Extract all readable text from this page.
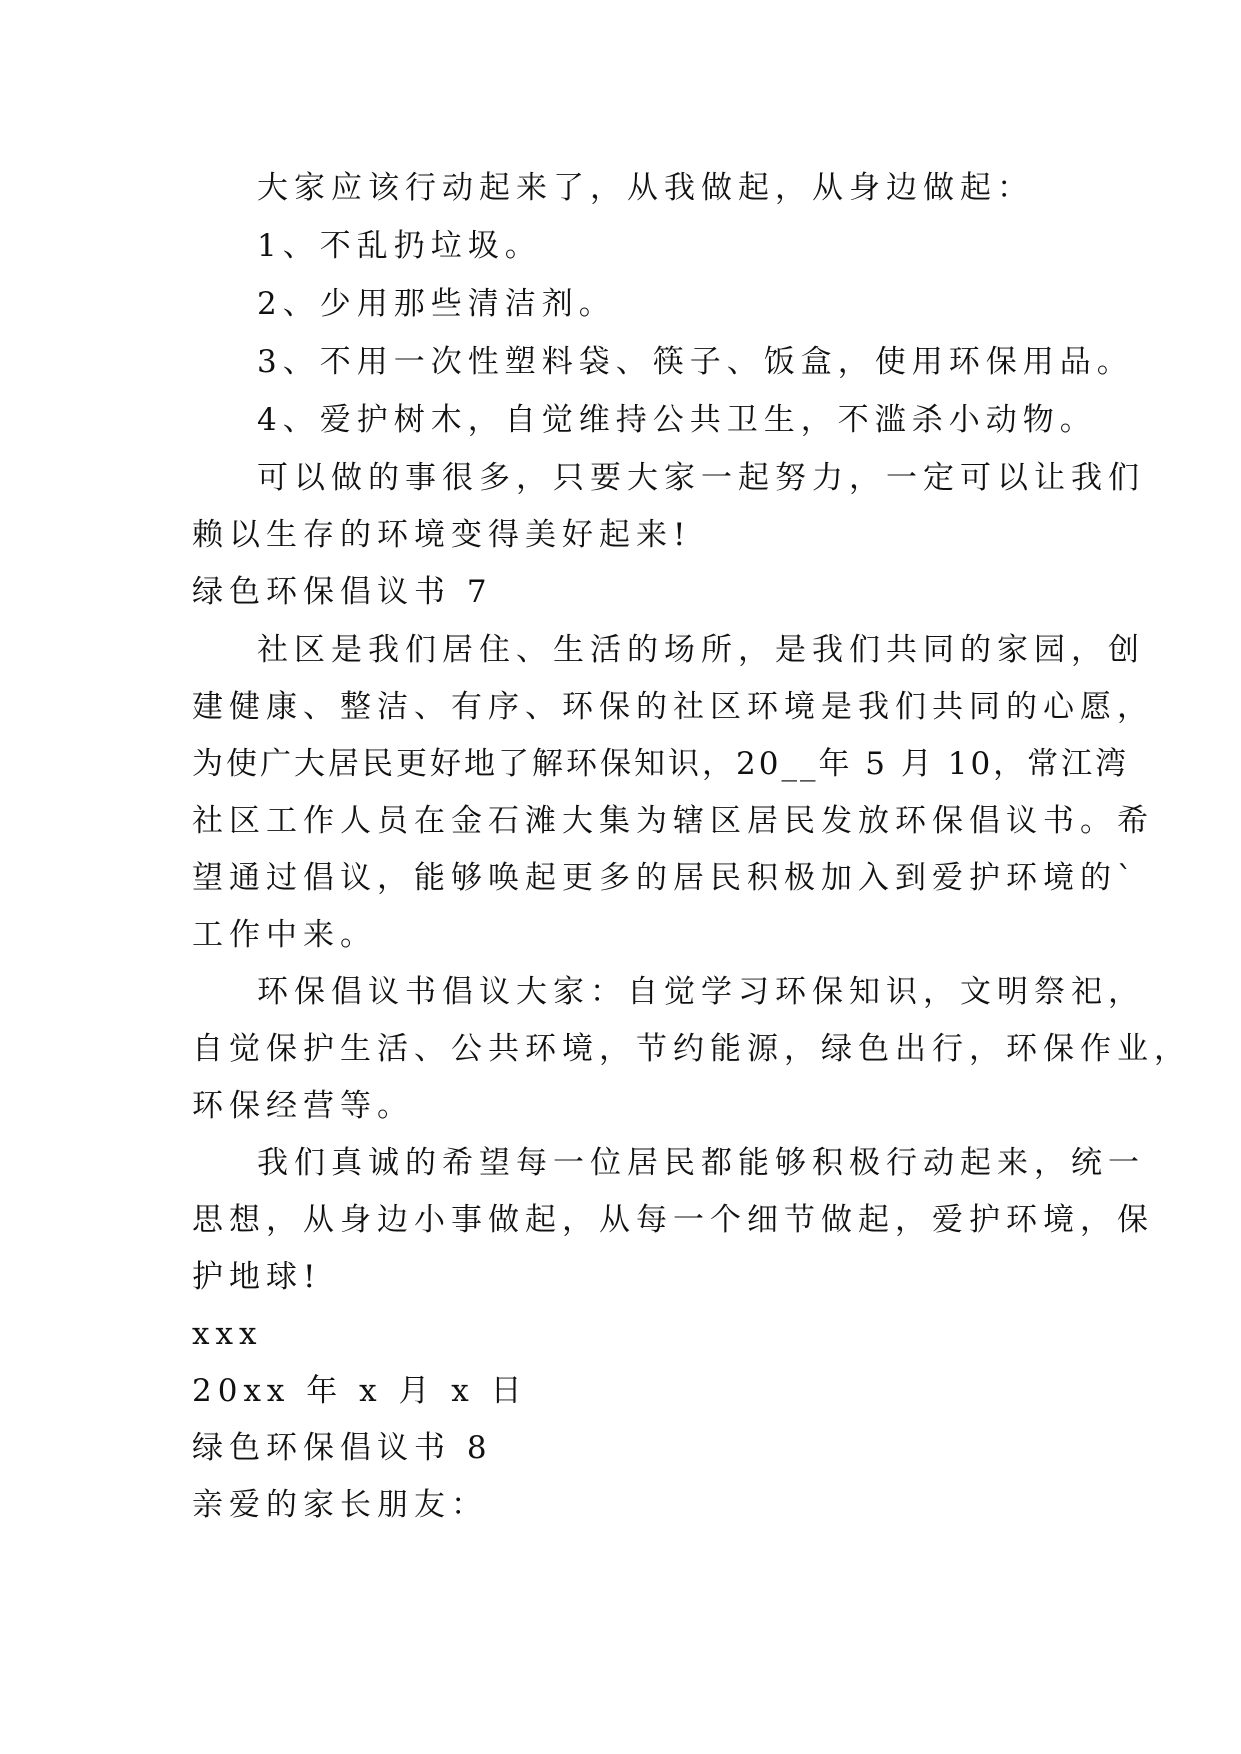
大家应该行动起来了，从我做起，从身边做起：
1、不乱扔垃圾。
2、少用那些清洁剂。
3、不用一次性塑料袋、筷子、饭盒，使用环保用品。
4、爱护树木，自觉维持公共卫生，不滥杀小动物。
可以做的事很多，只要大家一起努力，一定可以让我们
赖以生存的环境变得美好起来!
绿色环保倡议书 7
社区是我们居住、生活的场所，是我们共同的家园，创
建健康、整洁、有序、环保的社区环境是我们共同的心愿，
为使广大居民更好地了解环保知识，20__年 5 月 10，常江湾
社区工作人员在金石滩大集为辖区居民发放环保倡议书。希
望通过倡议，能够唤起更多的居民积极加入到爱护环境的`
工作中来。
环保倡议书倡议大家：自觉学习环保知识，文明祭祀，
自觉保护生活、公共环境，节约能源，绿色出行，环保作业，
环保经营等。
我们真诚的希望每一位居民都能够积极行动起来，统一
思想，从身边小事做起，从每一个细节做起，爱护环境，保
护地球!
xxx
20xx 年 x 月 x 日
绿色环保倡议书 8
亲爱的家长朋友：
